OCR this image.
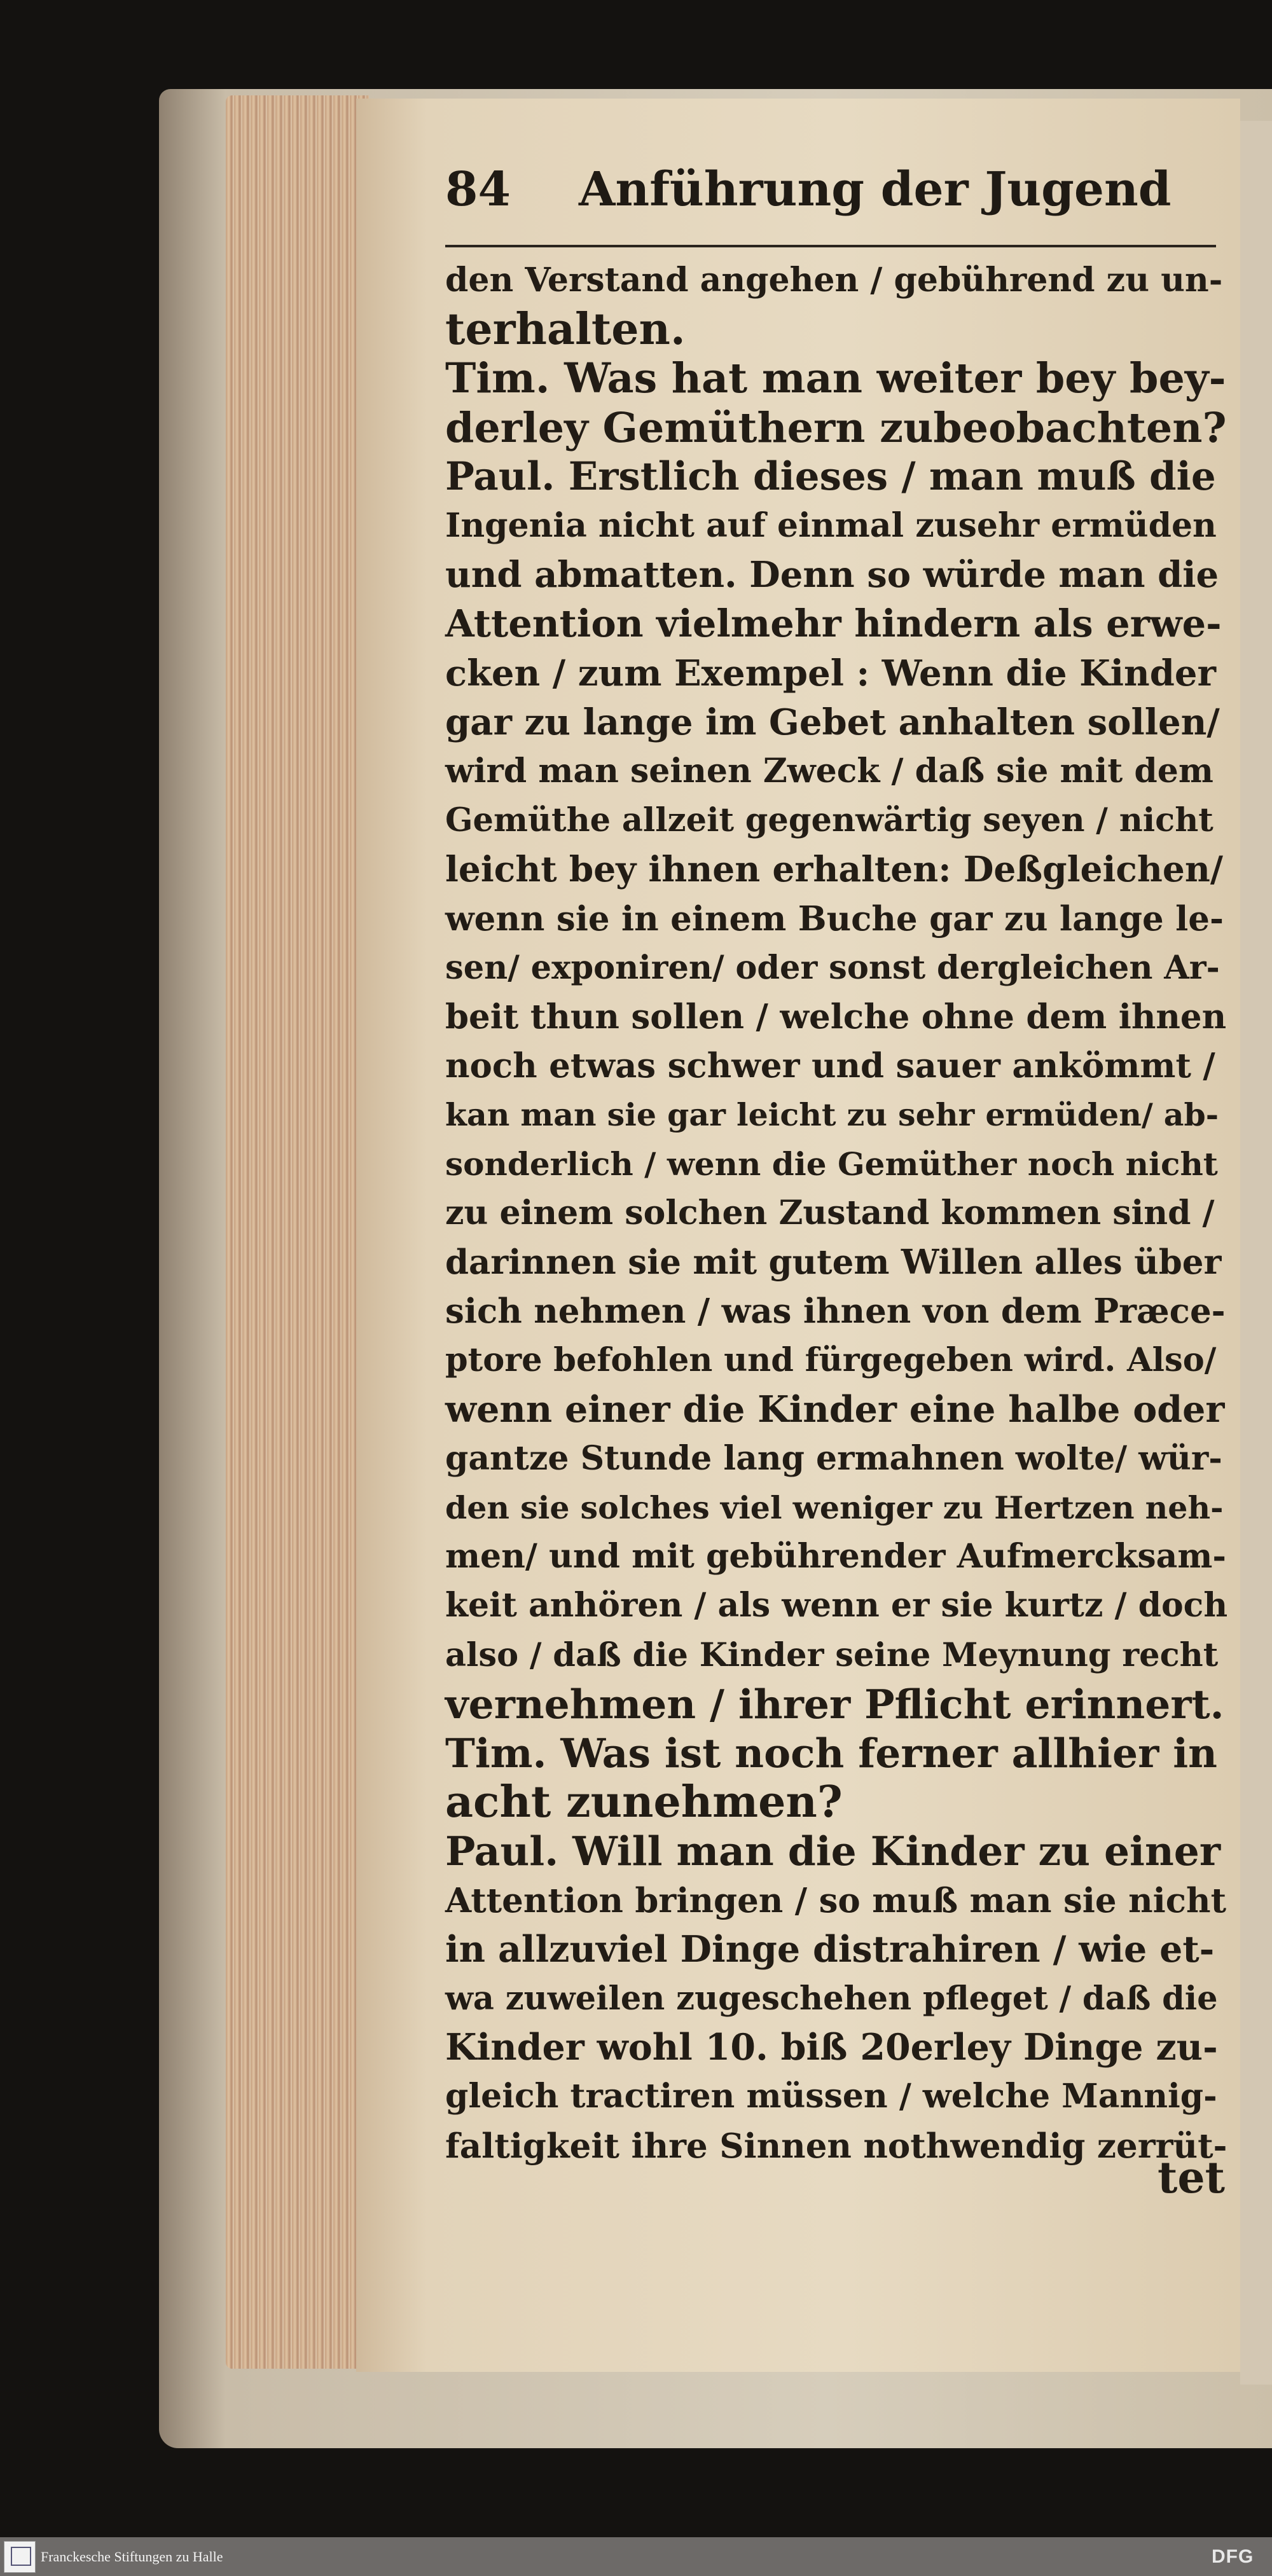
84 Anführung der Jugend
den Verstand angehen / gebührend zu un-
terhalten.
Tim. Was hat man weiter bey bey-
derley Gemüthern zubeobachten?
Paul. Erstlich dieses / man muß die
Ingenia nicht auf einmal zusehr ermüden
und abmatten. Denn so würde man die
Attention vielmehr hindern als erwe-
cken / zum Exempel : Wenn die Kinder
gar zu lange im Gebet anhalten sollen/
wird man seinen Zweck / daß sie mit dem
Gemüthe allzeit gegenwärtig seyen / nicht
leicht bey ihnen erhalten: Deßgleichen/
wenn sie in einem Buche gar zu lange le-
sen/ exponiren/ oder sonst dergleichen Ar-
beit thun sollen / welche ohne dem ihnen
noch etwas schwer und sauer ankömmt /
kan man sie gar leicht zu sehr ermüden/ ab-
sonderlich / wenn die Gemüther noch nicht
zu einem solchen Zustand kommen sind /
darinnen sie mit gutem Willen alles über
sich nehmen / was ihnen von dem Præce-
ptore befohlen und fürgegeben wird. Also/
wenn einer die Kinder eine halbe oder
gantze Stunde lang ermahnen wolte/ wür-
den sie solches viel weniger zu Hertzen neh-
men/ und mit gebührender Aufmercksam-
keit anhören / als wenn er sie kurtz / doch
also / daß die Kinder seine Meynung recht
vernehmen / ihrer Pflicht erinnert.
Tim. Was ist noch ferner allhier in
acht zunehmen?
Paul. Will man die Kinder zu einer
Attention bringen / so muß man sie nicht
in allzuviel Dinge distrahiren / wie et-
wa zuweilen zugeschehen pfleget / daß die
Kinder wohl 10. biß 20erley Dinge zu-
gleich tractiren müssen / welche Mannig-
faltigkeit ihre Sinnen nothwendig zerrüt-
tet
Franckesche Stiftungen zu Halle	DFG
